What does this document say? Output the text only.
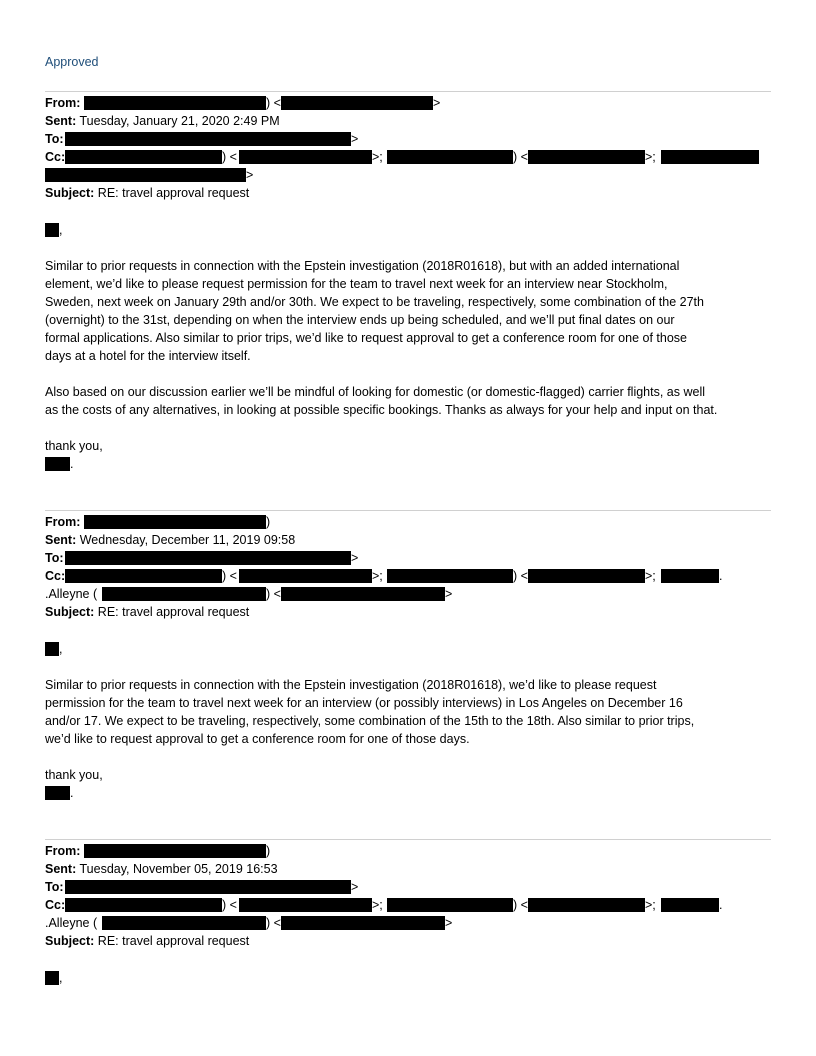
Approved
From:	) <	>
Sent: Tuesday, January 21, 2020 2:49 PM
To:	>
Cc:	) <	>;	) <	>;
>
Subject: RE: travel approval request
,
Similar to prior requests in connection with the Epstein investigation (2018R01618), but with an added international
element, we’d like to please request permission for the team to travel next week for an interview near Stockholm,
Sweden, next week on January 29th and/or 30th. We expect to be traveling, respectively, some combination of the 27th
(overnight) to the 31st, depending on when the interview ends up being scheduled, and we’ll put final dates on our
formal applications. Also similar to prior trips, we’d like to request approval to get a conference room for one of those
days at a hotel for the interview itself.
Also based on our discussion earlier we’ll be mindful of looking for domestic (or domestic-flagged) carrier flights, as well
as the costs of any alternatives, in looking at possible specific bookings. Thanks as always for your help and input on that.
thank you,
.
From:	)
Sent: Wednesday, December 11, 2019 09:58
To:	>
Cc:	) <	>;	) <	>;	.
.Alleyne (	) <	>
Subject: RE: travel approval request
,
Similar to prior requests in connection with the Epstein investigation (2018R01618), we’d like to please request
permission for the team to travel next week for an interview (or possibly interviews) in Los Angeles on December 16
and/or 17. We expect to be traveling, respectively, some combination of the 15th to the 18th. Also similar to prior trips,
we’d like to request approval to get a conference room for one of those days.
thank you,
.
From:	)
Sent: Tuesday, November 05, 2019 16:53
To:	>
Cc:	) <	>;	) <	>;	.
.Alleyne (	) <	>
Subject: RE: travel approval request
,
